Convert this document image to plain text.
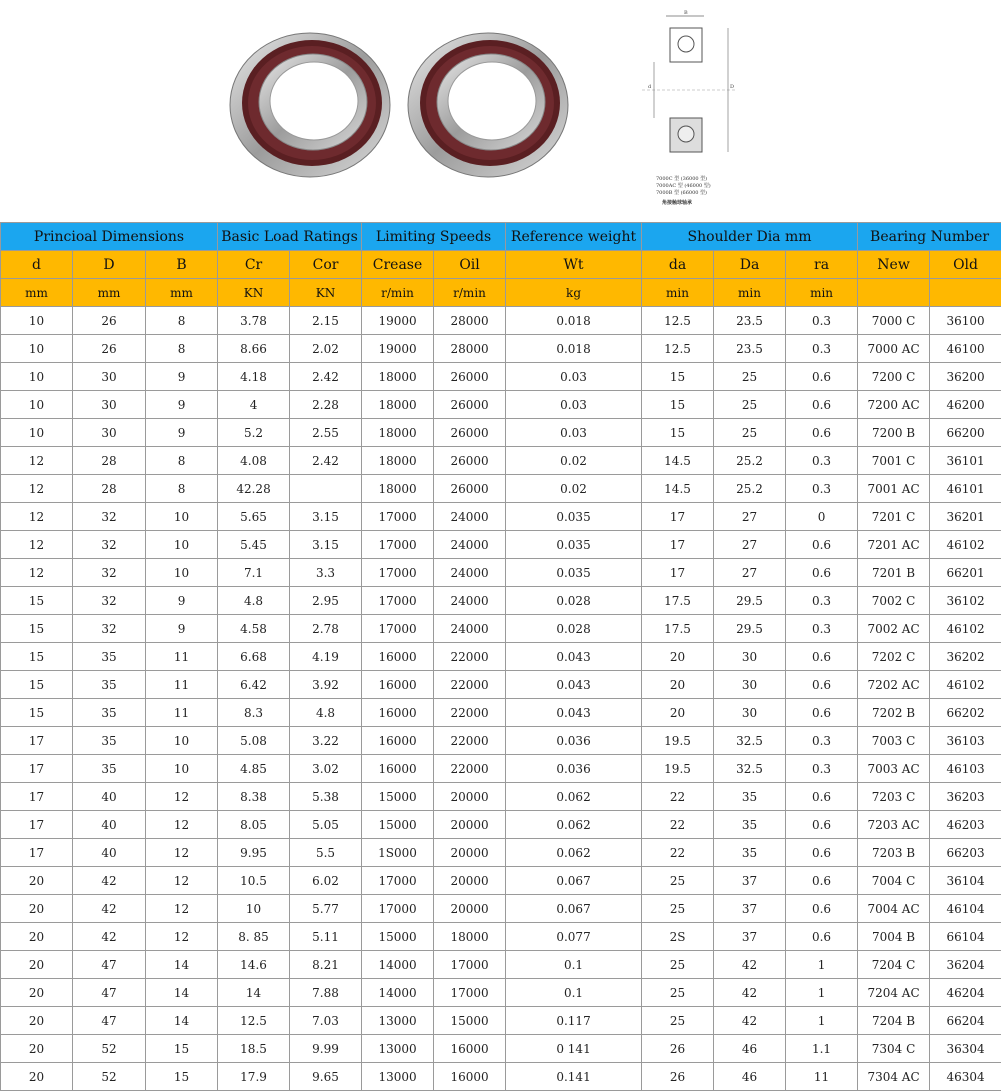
B
d	D
7000C 型 (36000 型)
7000AC 型 (46000 型)
7000B 型 (66000 型)
角接触球轴承
Princioal Dimensions			Basic Load Ratings		Limiting Speeds		Reference weight	Shoulder Dia mm			Bearing Number	
d	D	B	Cr	Cor	Crease	Oil	Wt	da	Da	ra	New	Old
mm	mm	mm	KN	KN	r/min	r/min	kg	min	min	min		
10	26	8	3.78	2.15	19000	28000	0.018	12.5	23.5	0.3	7000 C	36100
10	26	8	8.66	2.02	19000	28000	0.018	12.5	23.5	0.3	7000 AC	46100
10	30	9	4.18	2.42	18000	26000	0.03	15	25	0.6	7200 C	36200
10	30	9	4	2.28	18000	26000	0.03	15	25	0.6	7200 AC	46200
10	30	9	5.2	2.55	18000	26000	0.03	15	25	0.6	7200 B	66200
12	28	8	4.08	2.42	18000	26000	0.02	14.5	25.2	0.3	7001 C	36101
12	28	8	42.28		18000	26000	0.02	14.5	25.2	0.3	7001 AC	46101
12	32	10	5.65	3.15	17000	24000	0.035	17	27	0	7201 C	36201
12	32	10	5.45	3.15	17000	24000	0.035	17	27	0.6	7201 AC	46102
12	32	10	7.1	3.3	17000	24000	0.035	17	27	0.6	7201 B	66201
15	32	9	4.8	2.95	17000	24000	0.028	17.5	29.5	0.3	7002 C	36102
15	32	9	4.58	2.78	17000	24000	0.028	17.5	29.5	0.3	7002 AC	46102
15	35	11	6.68	4.19	16000	22000	0.043	20	30	0.6	7202 C	36202
15	35	11	6.42	3.92	16000	22000	0.043	20	30	0.6	7202 AC	46102
15	35	11	8.3	4.8	16000	22000	0.043	20	30	0.6	7202 B	66202
17	35	10	5.08	3.22	16000	22000	0.036	19.5	32.5	0.3	7003 C	36103
17	35	10	4.85	3.02	16000	22000	0.036	19.5	32.5	0.3	7003 AC	46103
17	40	12	8.38	5.38	15000	20000	0.062	22	35	0.6	7203 C	36203
17	40	12	8.05	5.05	15000	20000	0.062	22	35	0.6	7203 AC	46203
17	40	12	9.95	5.5	1S000	20000	0.062	22	35	0.6	7203 B	66203
20	42	12	10.5	6.02	17000	20000	0.067	25	37	0.6	7004 C	36104
20	42	12	10	5.77	17000	20000	0.067	25	37	0.6	7004 AC	46104
20	42	12	8. 85	5.11	15000	18000	0.077	2S	37	0.6	7004 B	66104
20	47	14	14.6	8.21	14000	17000	0.1	25	42	1	7204 C	36204
20	47	14	14	7.88	14000	17000	0.1	25	42	1	7204 AC	46204
20	47	14	12.5	7.03	13000	15000	0.117	25	42	1	7204 B	66204
20	52	15	18.5	9.99	13000	16000	0 141	26	46	1.1	7304 C	36304
20	52	15	17.9	9.65	13000	16000	0.141	26	46	11	7304 AC	46304
